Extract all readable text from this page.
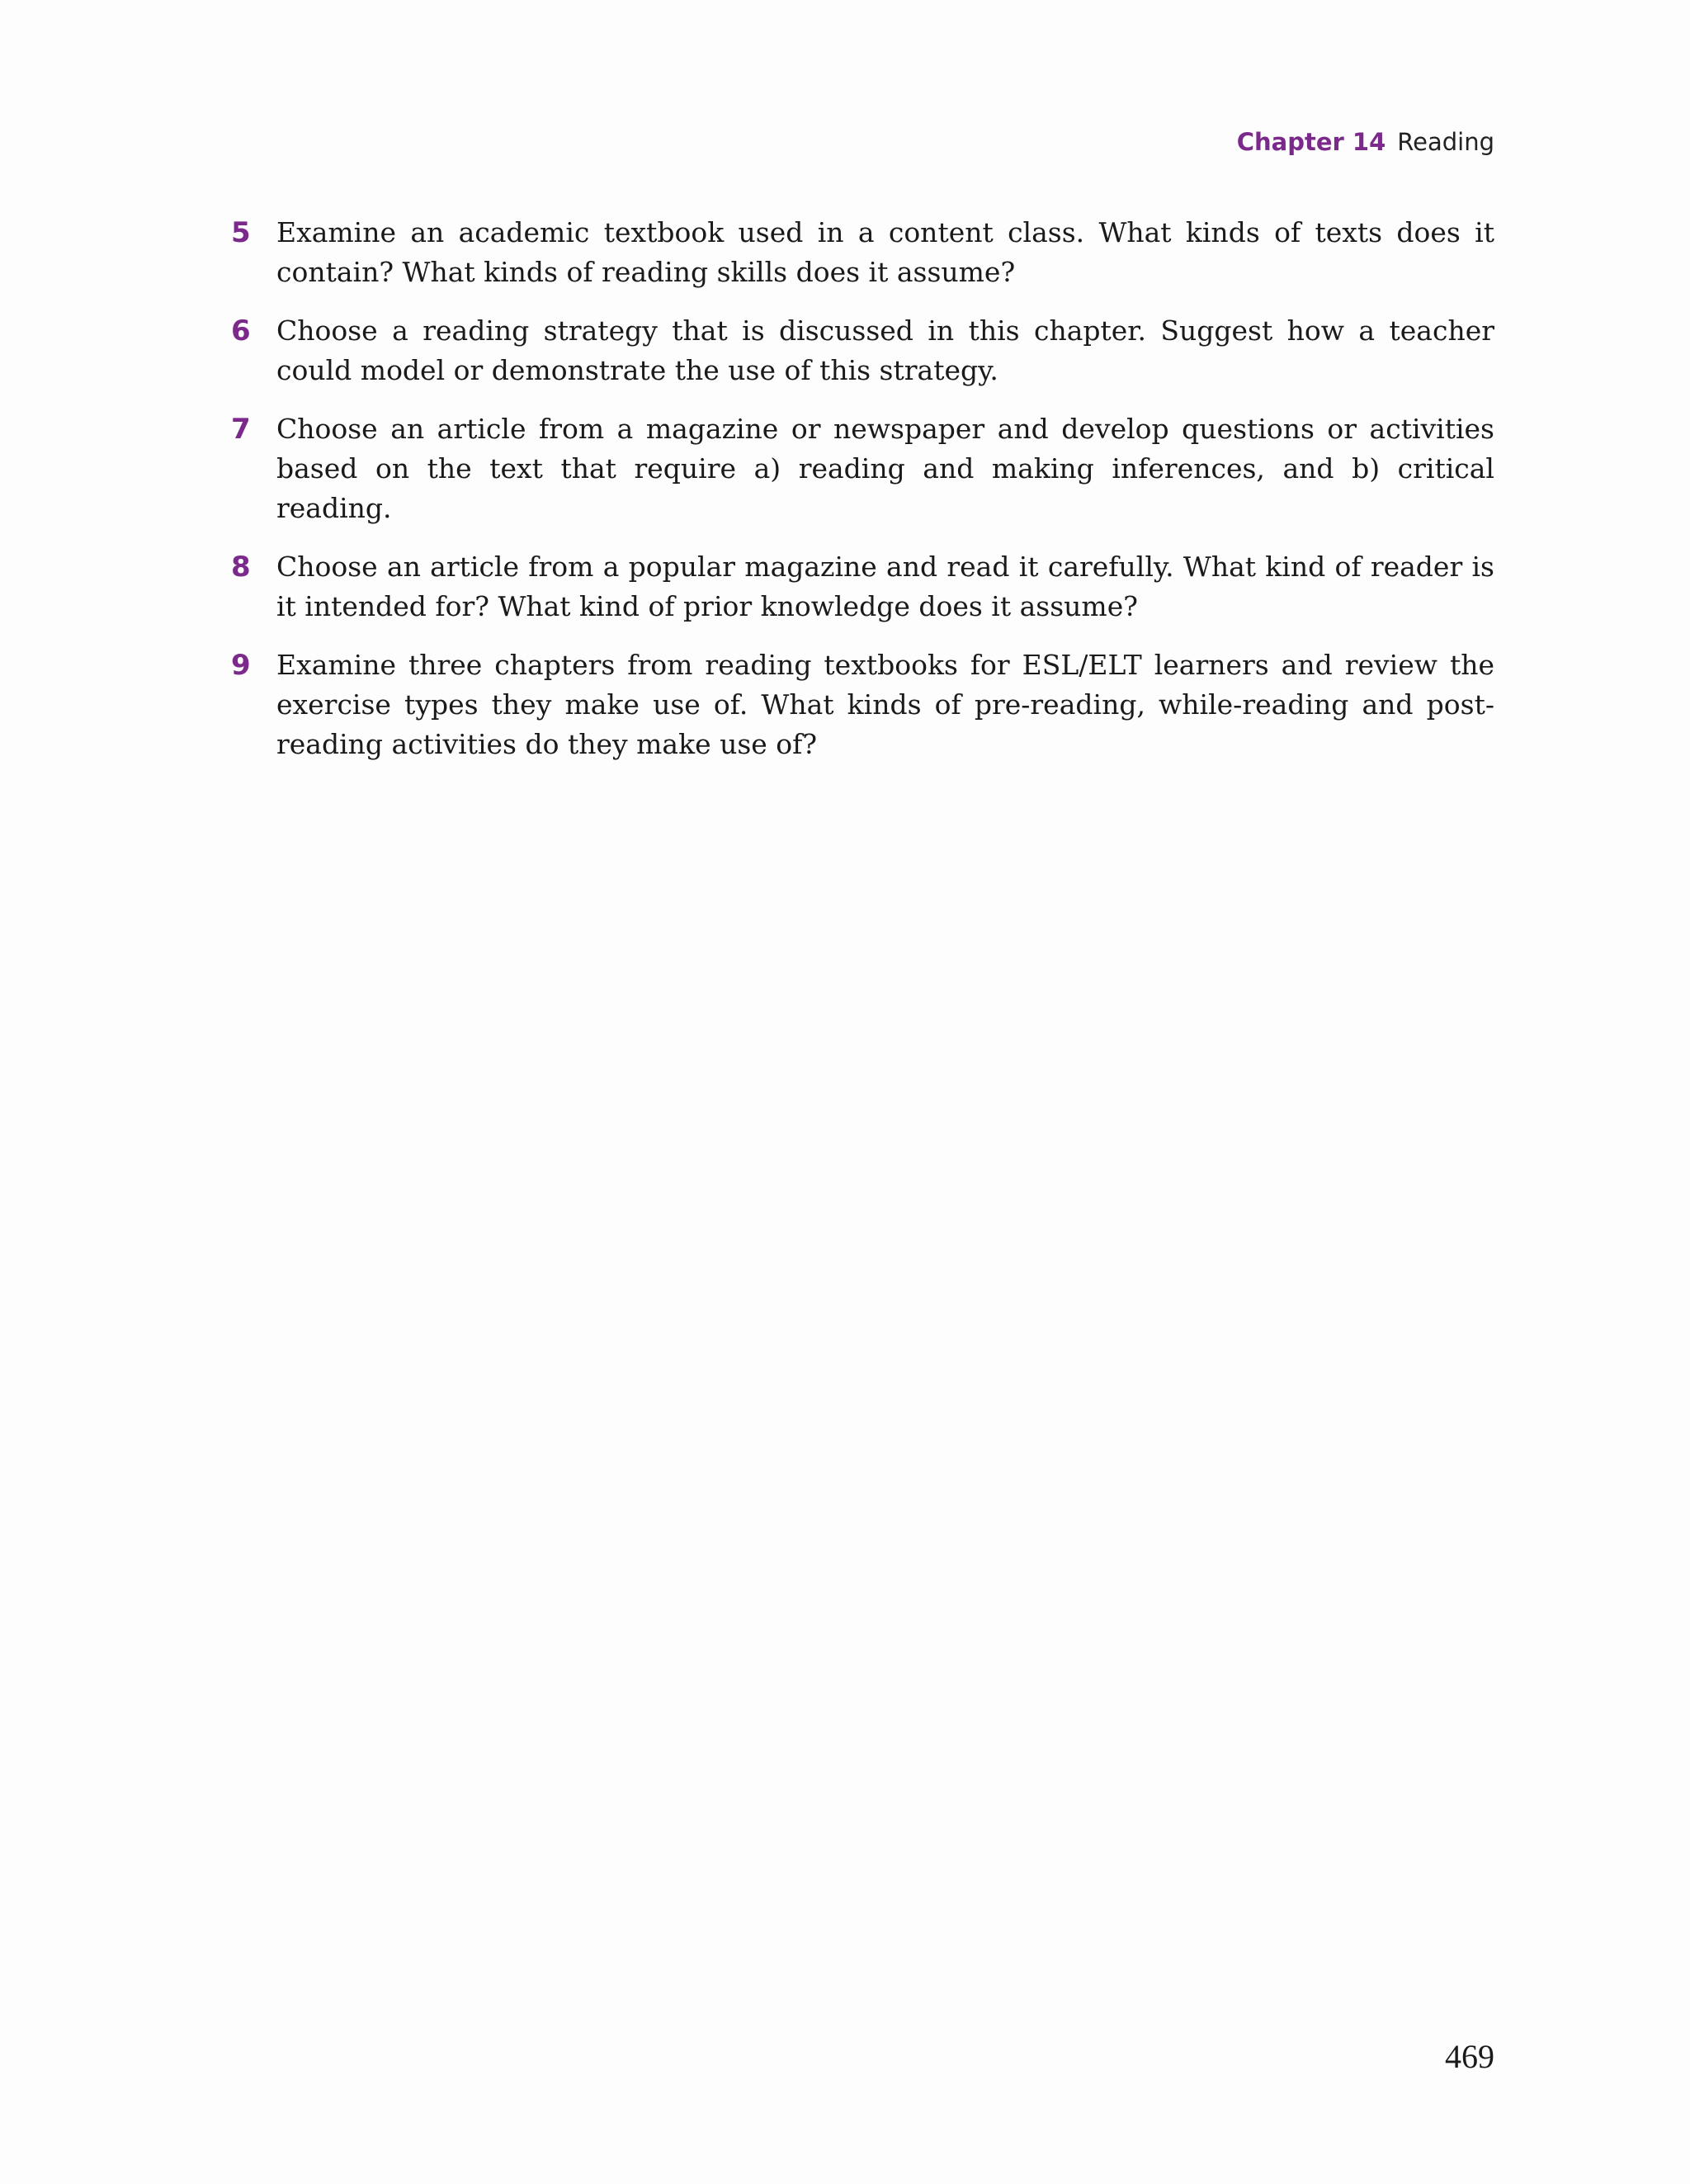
Chapter 14 Reading
5 Examine an academic textbook used in a content class. What kinds of texts does it contain? What kinds of reading skills does it assume?
6 Choose a reading strategy that is discussed in this chapter. Suggest how a teacher could model or demonstrate the use of this strategy.
7 Choose an article from a magazine or newspaper and develop questions or activities based on the text that require a) reading and making inferences, and b) critical reading.
8 Choose an article from a popular magazine and read it carefully. What kind of reader is it intended for? What kind of prior knowledge does it assume?
9 Examine three chapters from reading textbooks for ESL/ELT learners and review the exercise types they make use of. What kinds of pre-reading, while-reading and post-reading activities do they make use of?
469
